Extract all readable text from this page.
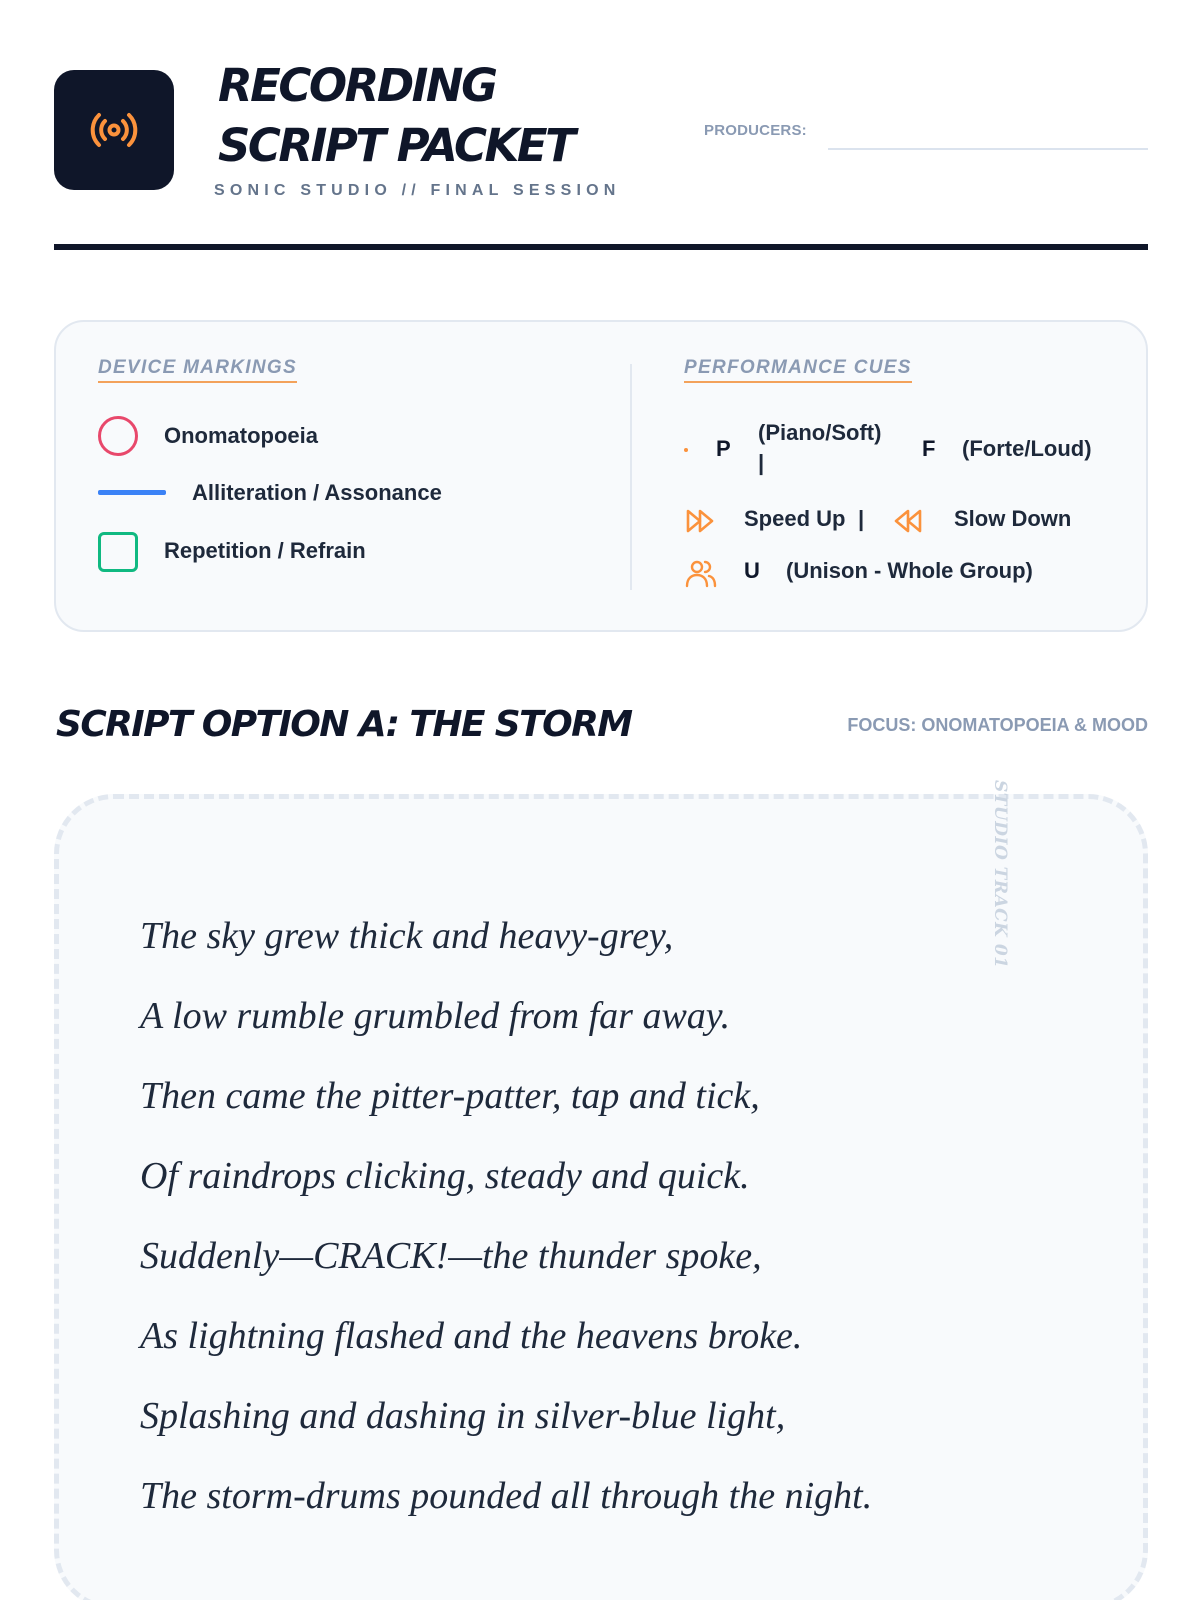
RECORDING
SCRIPT PACKET
SONIC STUDIO // FINAL SESSION
PRODUCERS:
DEVICE MARKINGS
Onomatopoeia
Alliteration / Assonance
Repetition / Refrain
PERFORMANCE CUES
P
(Piano/Soft)
|
F (Forte/Loud)
Speed Up |	Slow Down
U (Unison - Whole Group)
SCRIPT OPTION A: THE STORM	FOCUS: ONOMATOPOEIA & MOOD
STUDIO TRACK 01
The sky grew thick and heavy-grey,
A low rumble grumbled from far away.
Then came the pitter-patter, tap and tick,
Of raindrops clicking, steady and quick.
Suddenly—CRACK!—the thunder spoke,
As lightning flashed and the heavens broke.
Splashing and dashing in silver-blue light,
The storm-drums pounded all through the night.
